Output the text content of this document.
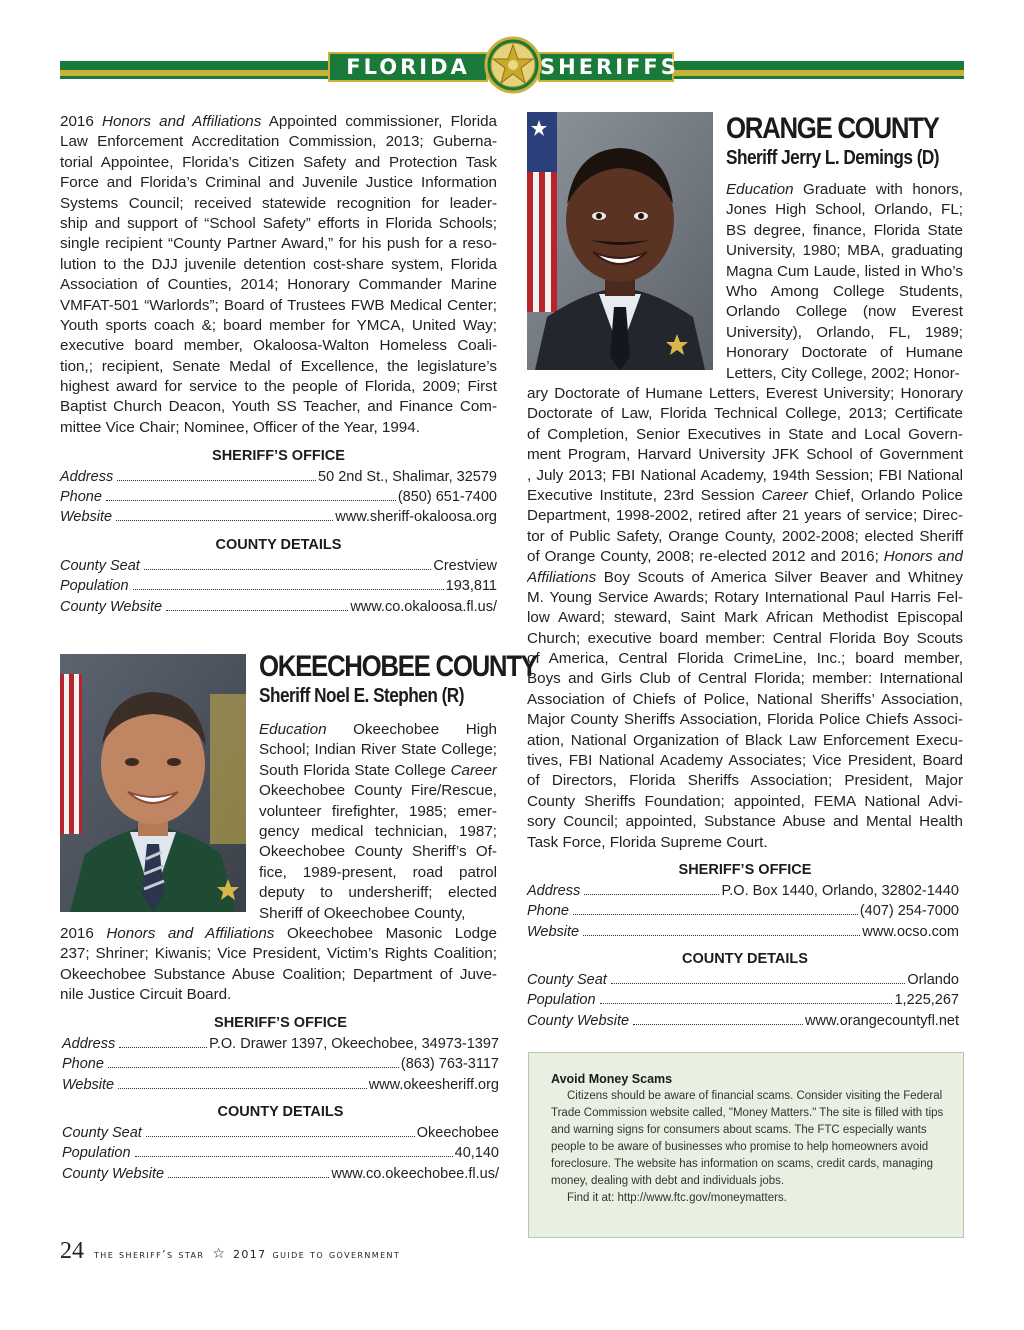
FLORIDA	SHERIFFS
2016 Honors and Affiliations Appointed commissioner, Florida
Law Enforcement Accreditation Commission, 2013; Guberna-
torial Appointee, Florida’s Citizen Safety and Protection Task
Force and Florida’s Criminal and Juvenile Justice Information
Systems Council; received statewide recognition for leader-
ship and support of “School Safety” efforts in Florida Schools;
single recipient “County Partner Award,” for his push for a reso-
lution to the DJJ juvenile detention cost-share system, Florida
Association of Counties, 2014; Honorary Commander Marine
VMFAT-501 “Warlords”; Board of Trustees FWB Medical Center;
Youth sports coach &; board member for YMCA, United Way;
executive board member, Okaloosa-Walton Homeless Coali-
tion,; recipient, Senate Medal of Excellence, the legislature’s
highest award for service to the people of Florida, 2009; First
Baptist Church Deacon, Youth SS Teacher, and Finance Com-
mittee Vice Chair; Nominee, Officer of the Year, 1994.
SHERIFF’S OFFICE
Address	50 2nd St., Shalimar, 32579
Phone	(850) 651-7400
Website	www.sheriff-okaloosa.org
COUNTY DETAILS
County Seat	Crestview
Population	193,811
County Website	www.co.okaloosa.fl.us/
OKEECHOBEE COUNTY
Sheriff Noel E. Stephen (R)
Education Okeechobee High
School; Indian River State College;
South Florida State College Career
Okeechobee County Fire/Rescue,
volunteer firefighter, 1985; emer-
gency medical technician, 1987;
Okeechobee County Sheriff’s Of-
fice, 1989-present, road patrol
deputy to undersheriff; elected
Sheriff of Okeechobee County,
2016 Honors and Affiliations Okeechobee Masonic Lodge
237; Shriner; Kiwanis; Vice President, Victim’s Rights Coalition;
Okeechobee Substance Abuse Coalition; Department of Juve-
nile Justice Circuit Board.
SHERIFF’S OFFICE
Address	P.O. Drawer 1397, Okeechobee, 34973-1397
Phone	(863) 763-3117
Website	www.okeesheriff.org
COUNTY DETAILS
County Seat	Okeechobee
Population	40,140
County Website	www.co.okeechobee.fl.us/
ORANGE COUNTY
Sheriff Jerry L. Demings (D)
Education Graduate with honors,
Jones High School, Orlando, FL;
BS degree, finance, Florida State
University, 1980; MBA, graduating
Magna Cum Laude, listed in Who’s
Who Among College Students,
Orlando College (now Everest
University), Orlando, FL, 1989;
Honorary Doctorate of Humane
Letters, City College, 2002; Honor-
ary Doctorate of Humane Letters, Everest University; Honorary
Doctorate of Law, Florida Technical College, 2013; Certificate
of Completion, Senior Executives in State and Local Govern-
ment Program, Harvard University JFK School of Government
, July 2013; FBI National Academy, 194th Session; FBI National
Executive Institute, 23rd Session Career Chief, Orlando Police
Department, 1998-2002, retired after 21 years of service; Direc-
tor of Public Safety, Orange County, 2002-2008; elected Sheriff
of Orange County, 2008; re-elected 2012 and 2016; Honors and
Affiliations Boy Scouts of America Silver Beaver and Whitney
M. Young Service Awards; Rotary International Paul Harris Fel-
low Award; steward, Saint Mark African Methodist Episcopal
Church; executive board member: Central Florida Boy Scouts
of America, Central Florida CrimeLine, Inc.; board member,
Boys and Girls Club of Central Florida; member: International
Association of Chiefs of Police, National Sheriffs’ Association,
Major County Sheriffs Association, Florida Police Chiefs Associ-
ation, National Organization of Black Law Enforcement Execu-
tives, FBI National Academy Associates; Vice President, Board
of Directors, Florida Sheriffs Association; President, Major
County Sheriffs Foundation; appointed, FEMA National Advi-
sory Council; appointed, Substance Abuse and Mental Health
Task Force, Florida Supreme Court.
SHERIFF’S OFFICE
Address	P.O. Box 1440, Orlando, 32802-1440
Phone	(407) 254-7000
Website	www.ocso.com
COUNTY DETAILS
County Seat	Orlando
Population	1,225,267
County Website	www.orangecountyfl.net
Avoid Money Scams

Citizens should be aware of financial scams. Consider visiting the Federal Trade Commission website called, "Money Matters." The site is filled with tips and warning signs for consumers about scams. The FTC especially wants people to be aware of businesses who promise to help homeowners avoid foreclosure. The website has information on scams, credit cards, managing money, dealing with debt and individuals jobs.

Find it at: http://www.ftc.gov/moneymatters.

24 the sheriff’s star ☆ 2017 guide to government
